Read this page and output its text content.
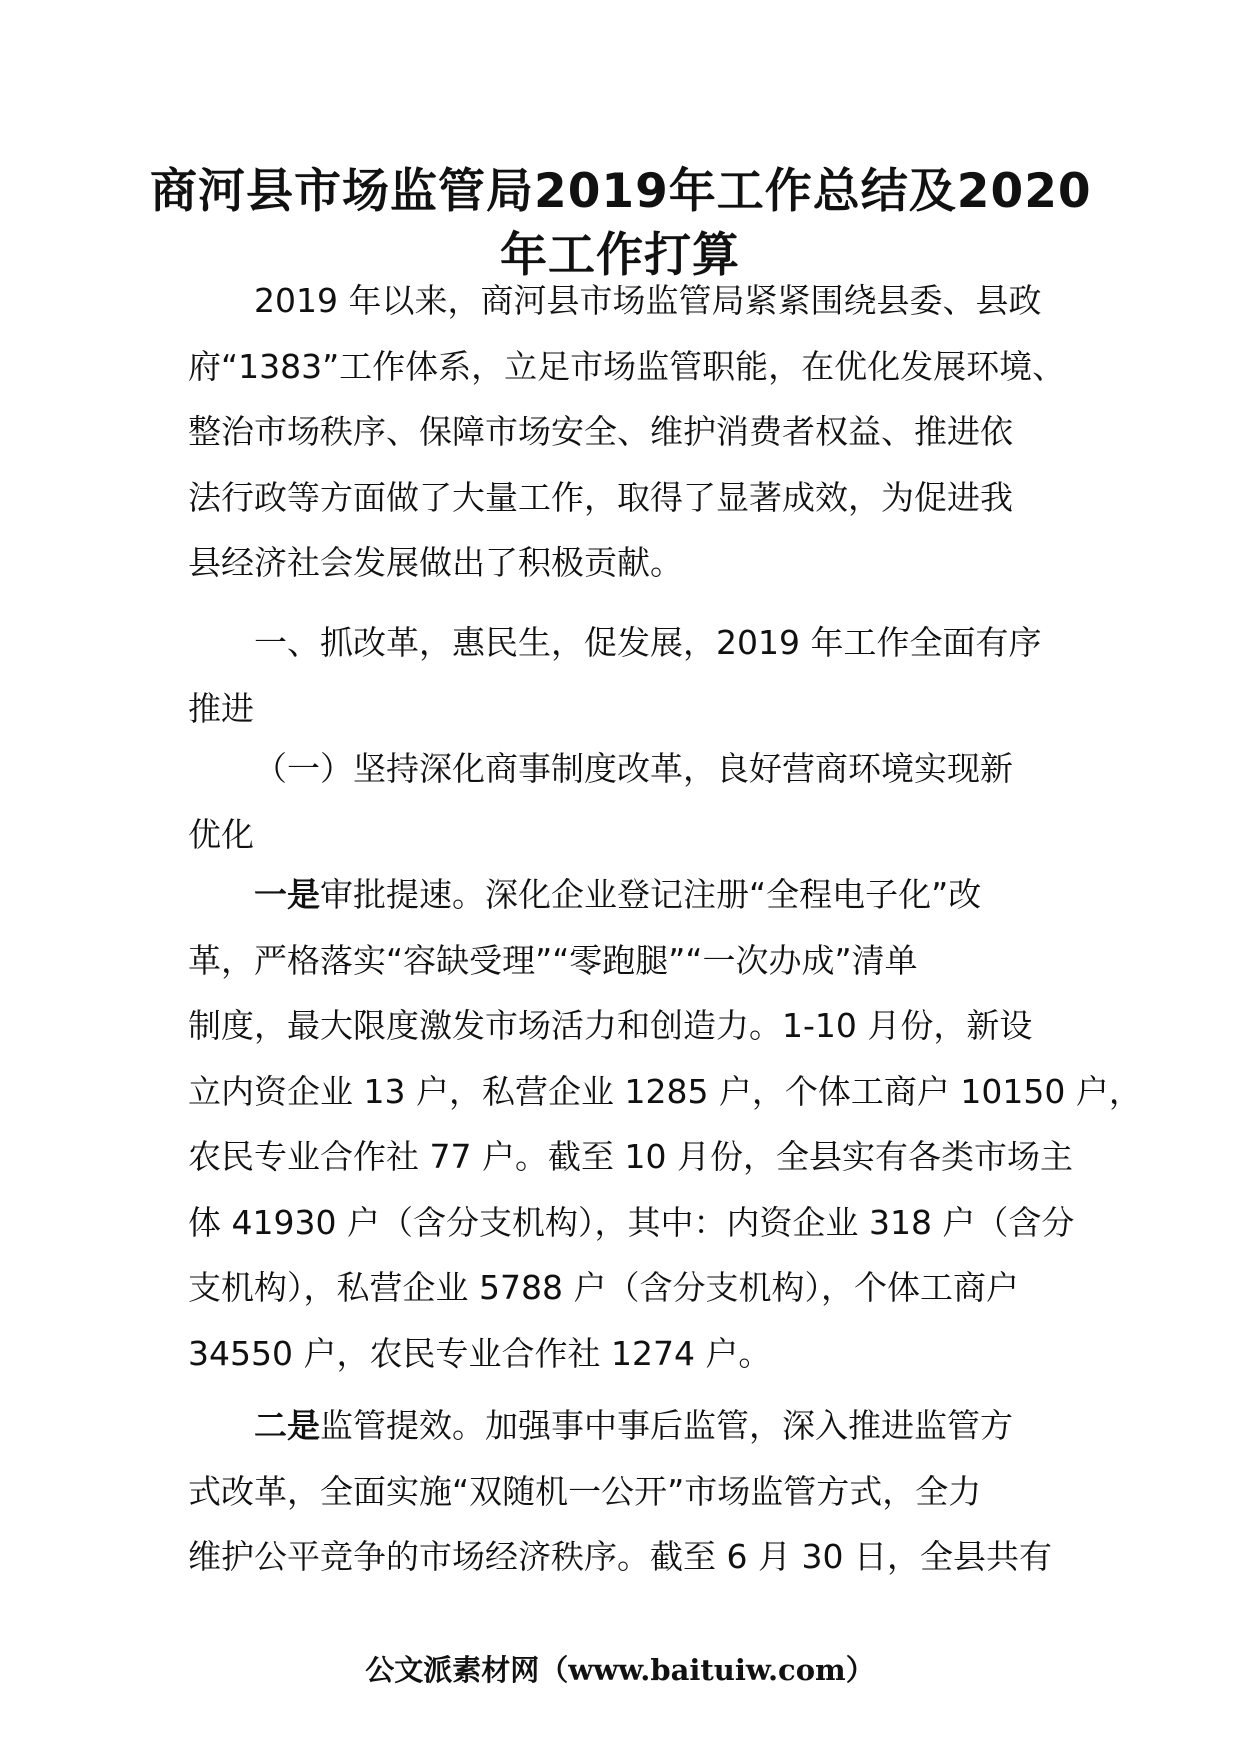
商河县市场监管局2019年工作总结及2020
年工作打算

2019 年以来，商河县市场监管局紧紧围绕县委、县政
府“1383”工作体系，立足市场监管职能，在优化发展环境、
整治市场秩序、保障市场安全、维护消费者权益、推进依
法行政等方面做了大量工作，取得了显著成效，为促进我
县经济社会发展做出了积极贡献。

一、抓改革，惠民生，促发展，2019 年工作全面有序
推进

（一）坚持深化商事制度改革，良好营商环境实现新
优化

一是审批提速。深化企业登记注册“全程电子化”改
革，严格落实“容缺受理”“零跑腿”“一次办成”清单
制度，最大限度激发市场活力和创造力。1-10 月份，新设
立内资企业 13 户，私营企业 1285 户，个体工商户 10150 户，
农民专业合作社 77 户。截至 10 月份，全县实有各类市场主
体 41930 户（含分支机构），其中：内资企业 318 户（含分
支机构），私营企业 5788 户（含分支机构），个体工商户
34550 户，农民专业合作社 1274 户。

二是监管提效。加强事中事后监管，深入推进监管方
式改革，全面实施“双随机一公开”市场监管方式，全力
维护公平竞争的市场经济秩序。截至 6 月 30 日，全县共有

公文派素材网（www.baituiw.com）
